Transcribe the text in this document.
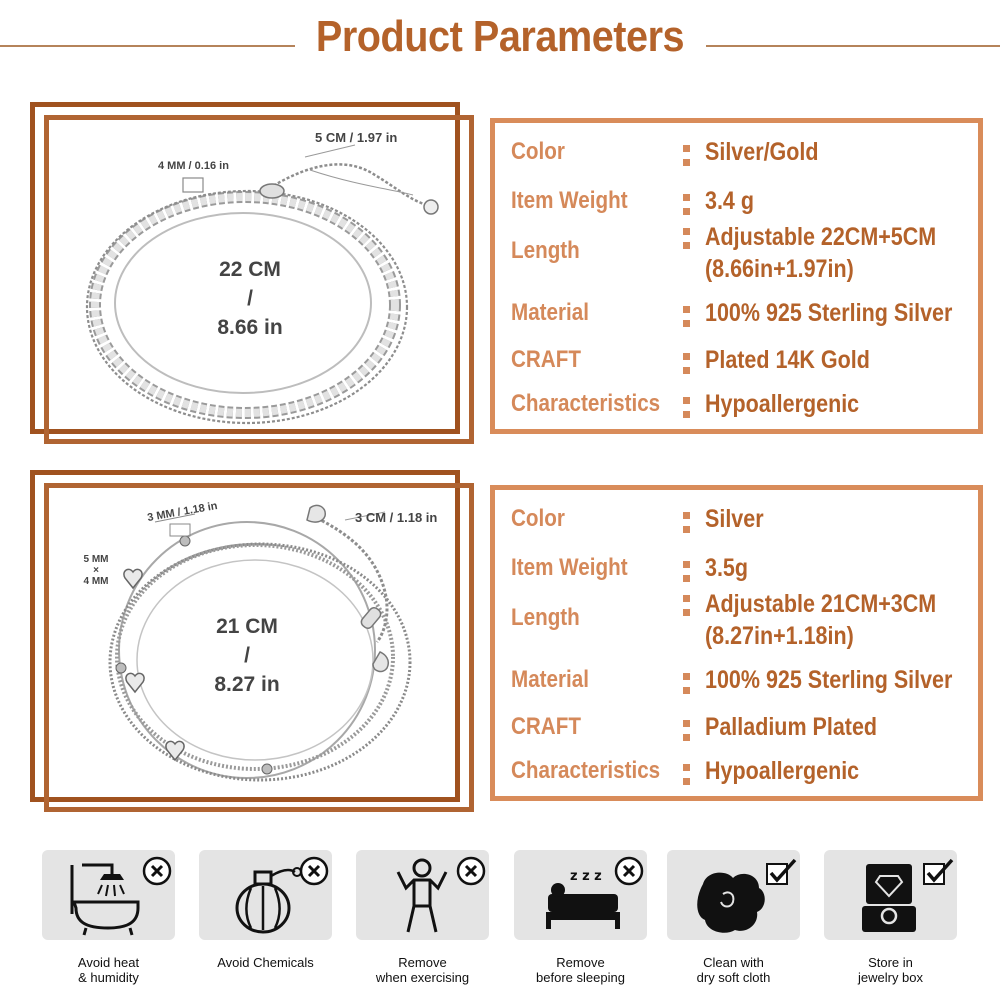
Product Parameters
5 CM / 1.97 in
4 MM / 0.16 in
22 CM
/
8.66 in
Color	Silver/Gold
Item Weight	3.4 g
Length	Adjustable 22CM+5CM
(8.66in+1.97in)
Material	100% 925 Sterling Silver
CRAFT	Plated 14K Gold
Characteristics Hypoallergenic
3 CM / 1.18 in
3 MM / 1.18 in
5 MM
×
4 MM
21 CM
/
8.27 in
Color	Silver
Item Weight	3.5g
Length	Adjustable 21CM+3CM
(8.27in+1.18in)
Material	100% 925 Sterling Silver
CRAFT	Palladium Plated
Characteristics Hypoallergenic
Avoid heat
& humidity
Avoid Chemicals	Remove
when exercising
z z z
Remove
before sleeping
Clean with
dry soft cloth
Store in
jewelry box
